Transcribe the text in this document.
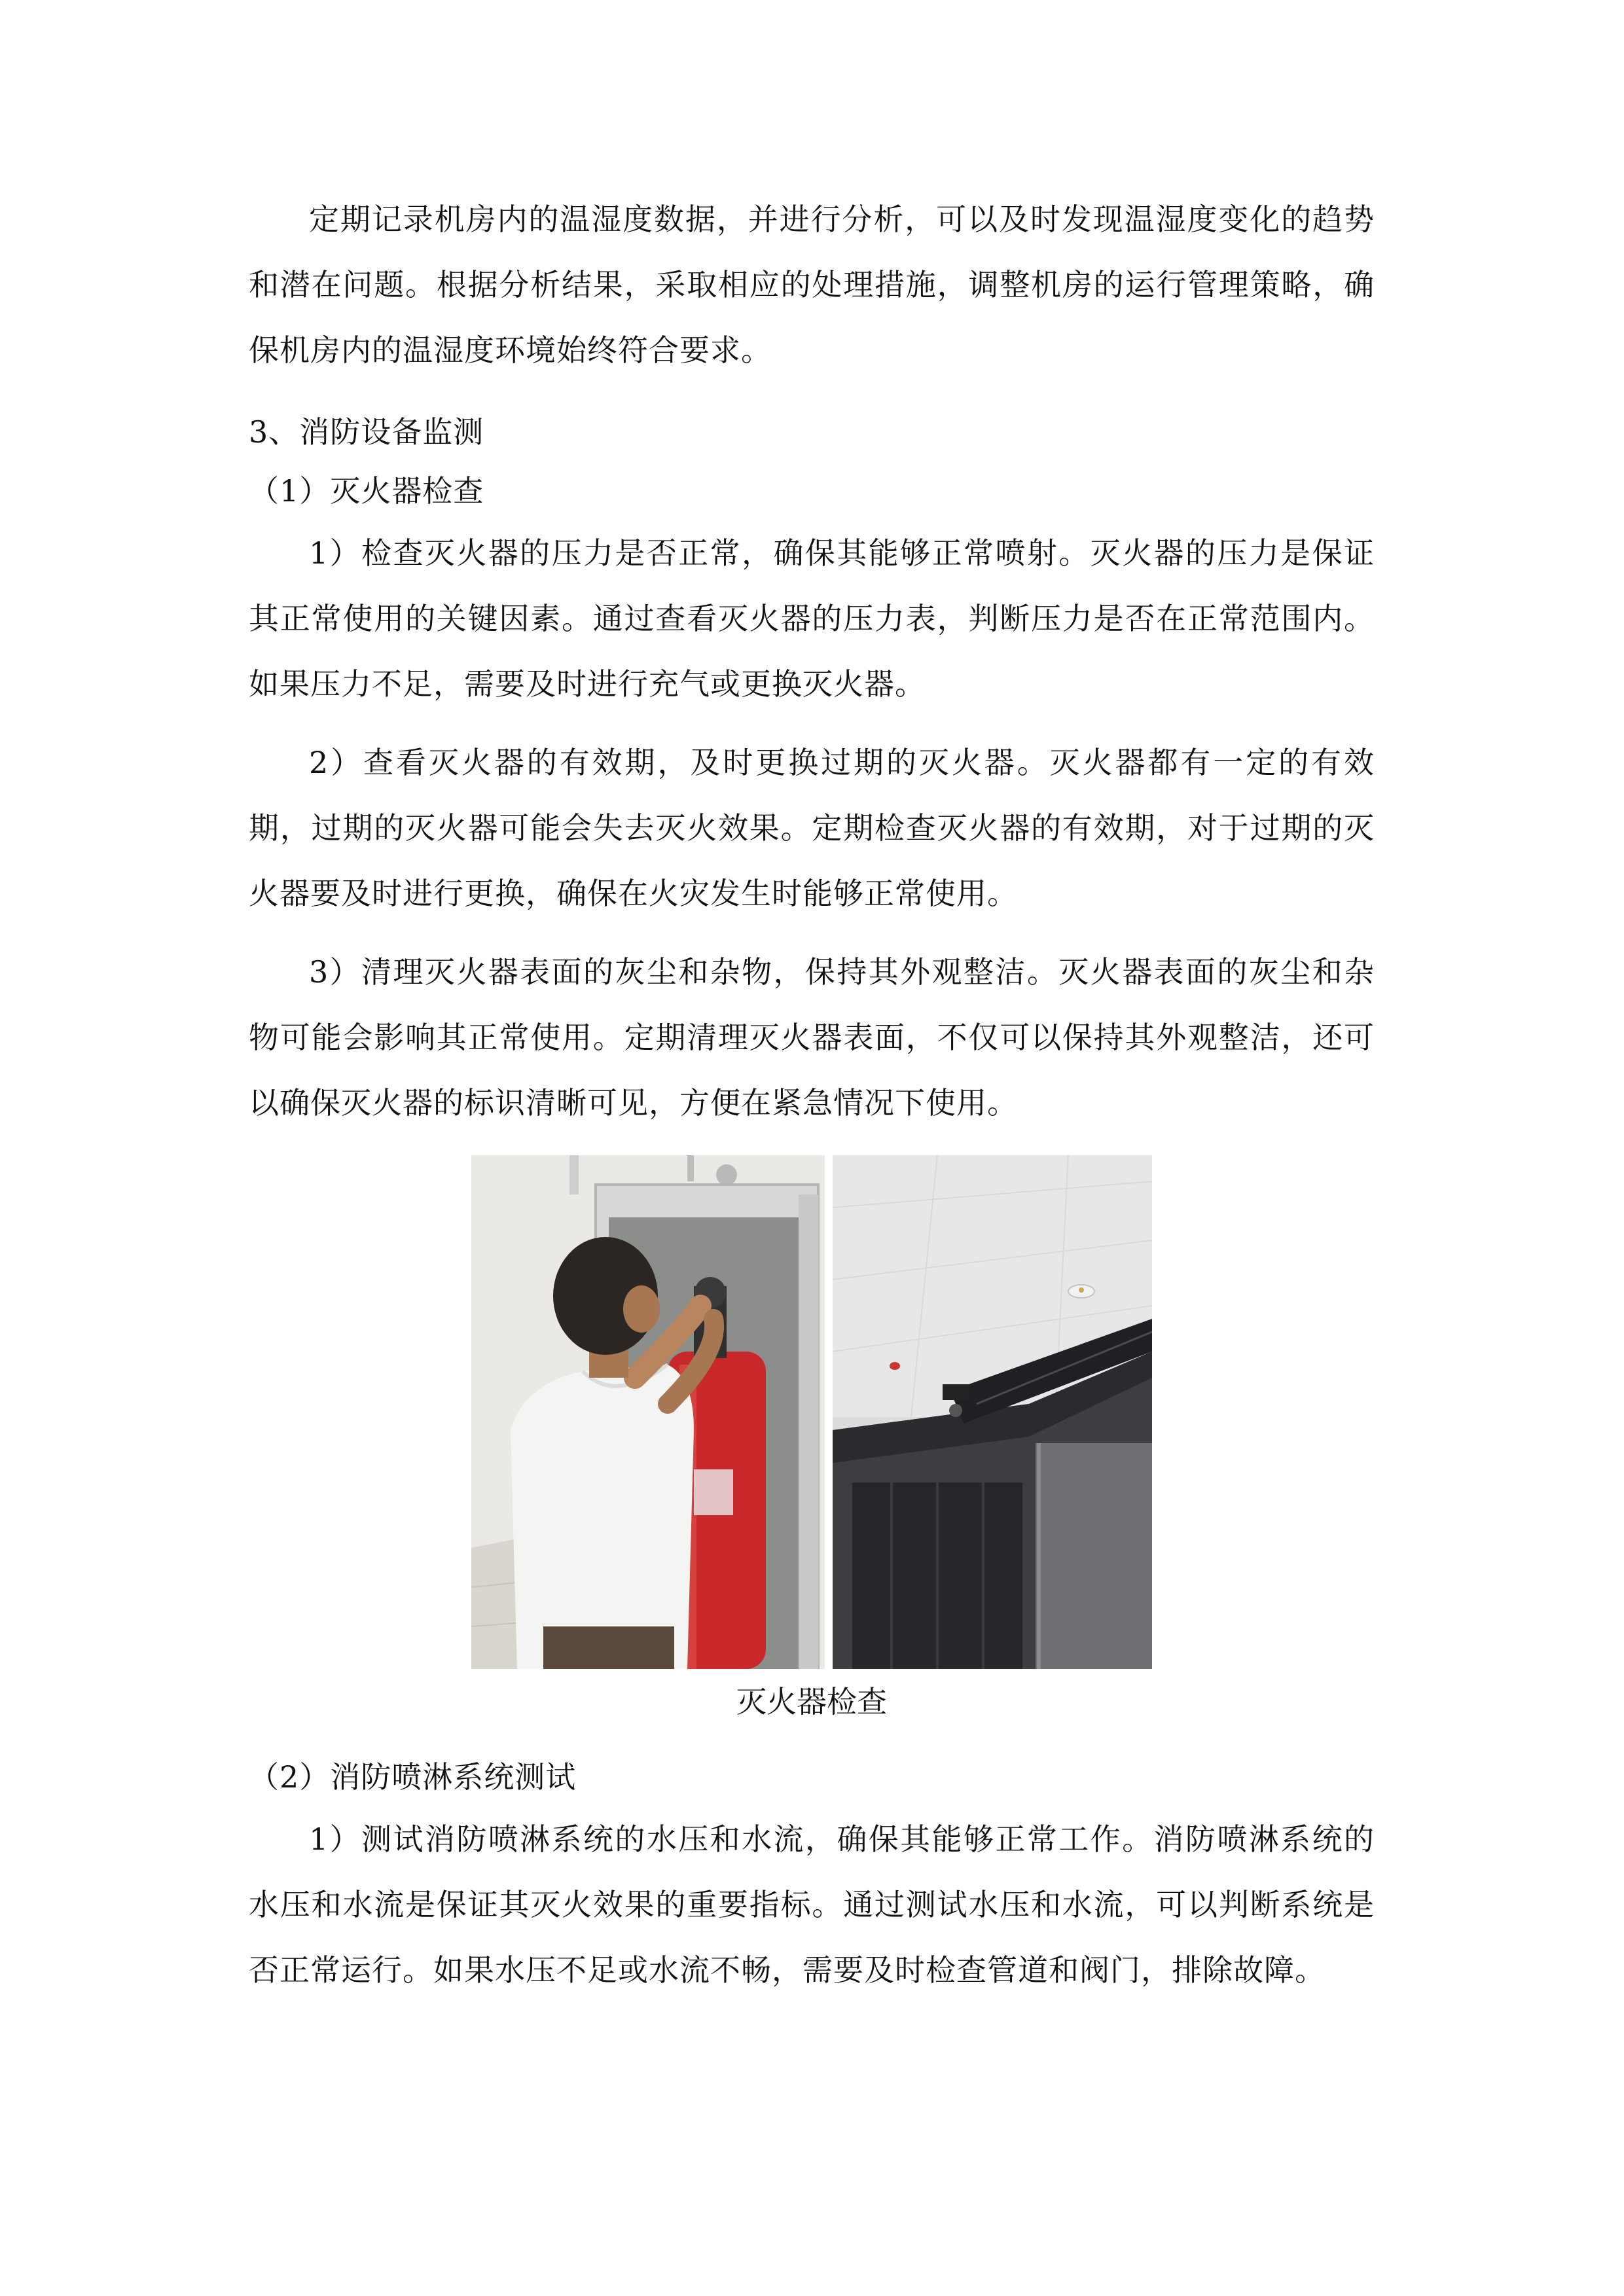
定期记录机房内的温湿度数据，并进行分析，可以及时发现温湿度变化的趋势和潜在问题。根据分析结果，采取相应的处理措施，调整机房的运行管理策略，确保机房内的温湿度环境始终符合要求。

3、消防设备监测

（1）灭火器检查

1）检查灭火器的压力是否正常，确保其能够正常喷射。灭火器的压力是保证其正常使用的关键因素。通过查看灭火器的压力表，判断压力是否在正常范围内。如果压力不足，需要及时进行充气或更换灭火器。

2）查看灭火器的有效期，及时更换过期的灭火器。灭火器都有一定的有效期，过期的灭火器可能会失去灭火效果。定期检查灭火器的有效期，对于过期的灭火器要及时进行更换，确保在火灾发生时能够正常使用。

3）清理灭火器表面的灰尘和杂物，保持其外观整洁。灭火器表面的灰尘和杂物可能会影响其正常使用。定期清理灭火器表面，不仅可以保持其外观整洁，还可以确保灭火器的标识清晰可见，方便在紧急情况下使用。

灭火器检查

（2）消防喷淋系统测试

1）测试消防喷淋系统的水压和水流，确保其能够正常工作。消防喷淋系统的水压和水流是保证其灭火效果的重要指标。通过测试水压和水流，可以判断系统是否正常运行。如果水压不足或水流不畅，需要及时检查管道和阀门，排除故障。
